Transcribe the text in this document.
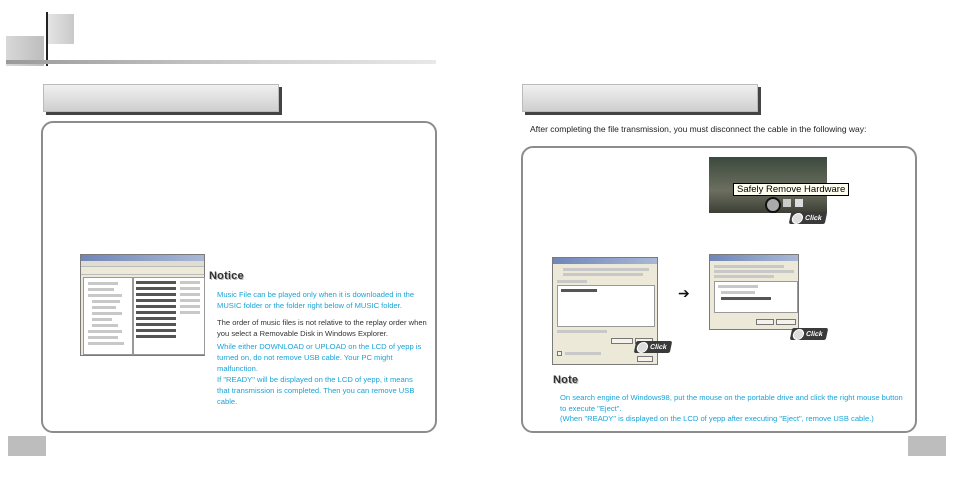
Notice
Music File can be played only when it is downloaded in the MUSIC folder or the folder right below of MUSIC folder.
The order of music files is not relative to the replay order when you select a Removable Disk in Windows Explorer.
While either DOWNLOAD or UPLOAD on the LCD of yepp is turned on, do not remove USB cable. Your PC might malfunction.
If "READY" will be displayed on the LCD of yepp, it means that transmission is completed. Then you can remove USB cable.
After completing the file transmission, you must disconnect the cable in the following way:
Safely Remove Hardware
Click
Click
➔
Click
Note
On search engine of Windows98, put the mouse on the portable drive and click the right mouse button to execute "Eject".
(When "READY" is displayed on the LCD of yepp after executing "Eject", remove USB cable.)
